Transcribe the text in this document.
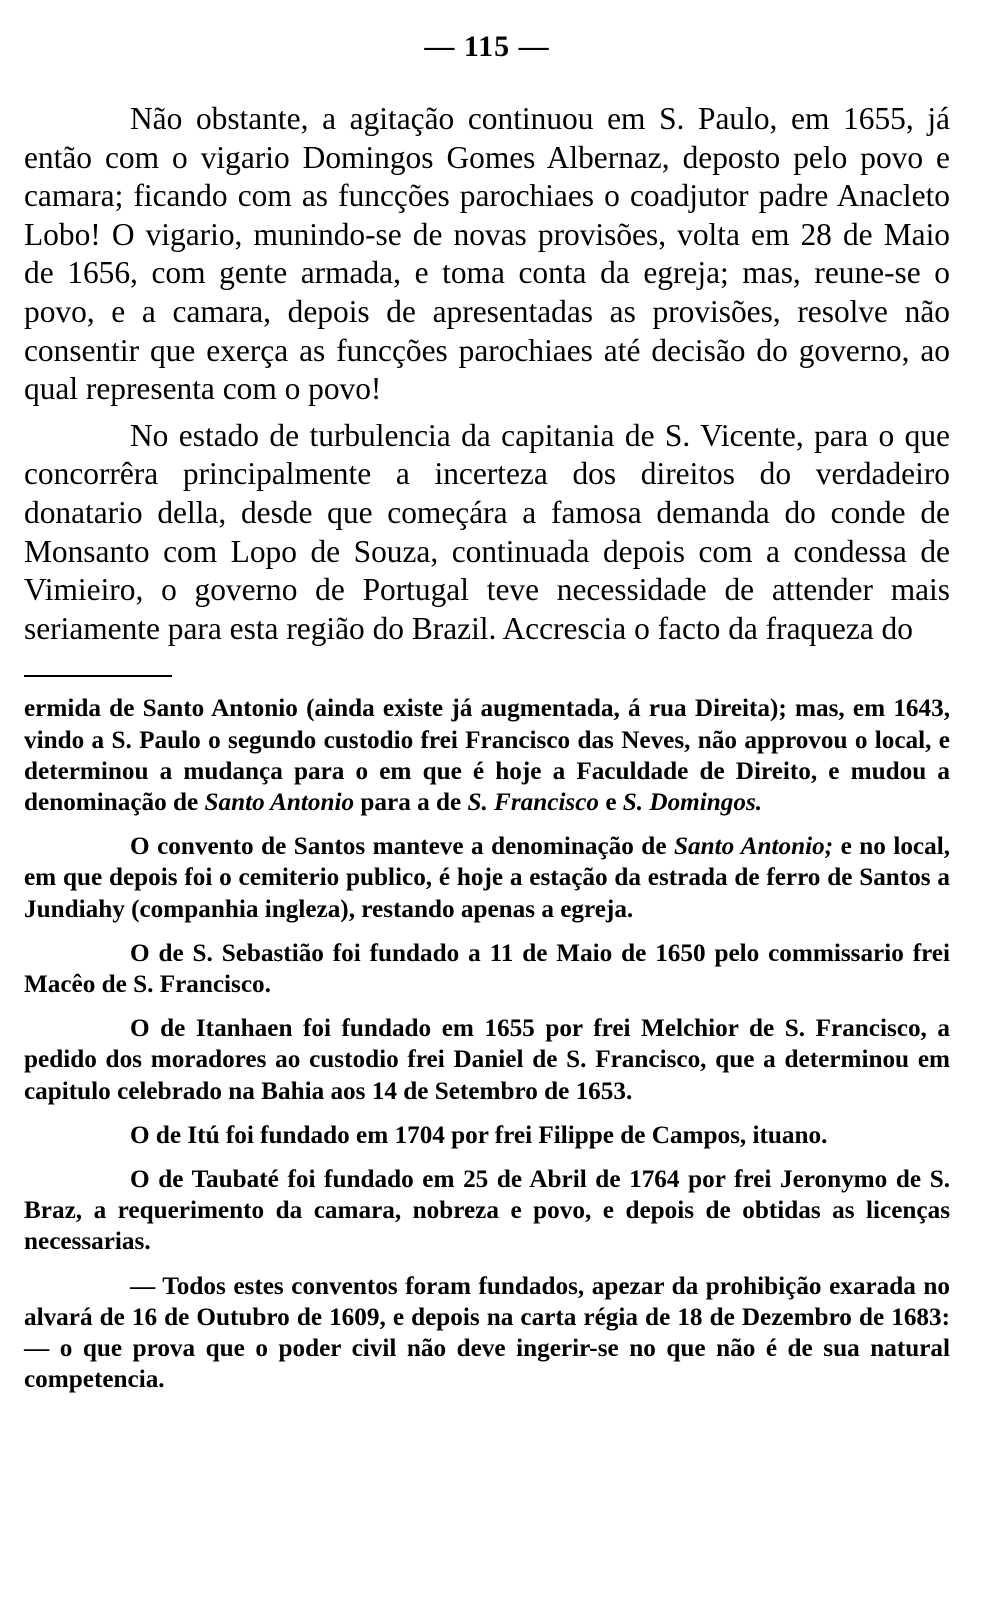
— 115 —

Não obstante, a agitação continuou em S. Paulo, em 1655, já então com o vigario Domingos Gomes Albernaz, deposto pelo povo e camara; ficando com as funcções parochiaes o coadjutor padre Anacleto Lobo! O vigario, munindo-se de novas provisões, volta em 28 de Maio de 1656, com gente armada, e toma conta da egreja; mas, reune-se o povo, e a camara, depois de apresentadas as provisões, resolve não consentir que exerça as funcções parochiaes até decisão do governo, ao qual representa com o povo!

No estado de turbulencia da capitania de S. Vicente, para o que concorrêra principalmente a incerteza dos direitos do verdadeiro donatario della, desde que começára a famosa demanda do conde de Monsanto com Lopo de Souza, continuada depois com a condessa de Vimieiro, o governo de Portugal teve necessidade de attender mais seriamente para esta região do Brazil. Accrescia o facto da fraqueza do

ermida de Santo Antonio (ainda existe já augmentada, á rua Direita); mas, em 1643, vindo a S. Paulo o segundo custodio frei Francisco das Neves, não approvou o local, e determinou a mudança para o em que é hoje a Faculdade de Direito, e mudou a denominação de Santo Antonio para a de S. Francisco e S. Domingos.

O convento de Santos manteve a denominação de Santo Antonio; e no local, em que depois foi o cemiterio publico, é hoje a estação da estrada de ferro de Santos a Jundiahy (companhia ingleza), restando apenas a egreja.

O de S. Sebastião foi fundado a 11 de Maio de 1650 pelo commissario frei Macêo de S. Francisco.

O de Itanhaen foi fundado em 1655 por frei Melchior de S. Francisco, a pedido dos moradores ao custodio frei Daniel de S. Francisco, que a determinou em capitulo celebrado na Bahia aos 14 de Setembro de 1653.

O de Itú foi fundado em 1704 por frei Filippe de Campos, ituano.

O de Taubaté foi fundado em 25 de Abril de 1764 por frei Jeronymo de S. Braz, a requerimento da camara, nobreza e povo, e depois de obtidas as licenças necessarias.

— Todos estes conventos foram fundados, apezar da prohibição exarada no alvará de 16 de Outubro de 1609, e depois na carta régia de 18 de Dezembro de 1683: — o que prova que o poder civil não deve ingerir-se no que não é de sua natural competencia.
